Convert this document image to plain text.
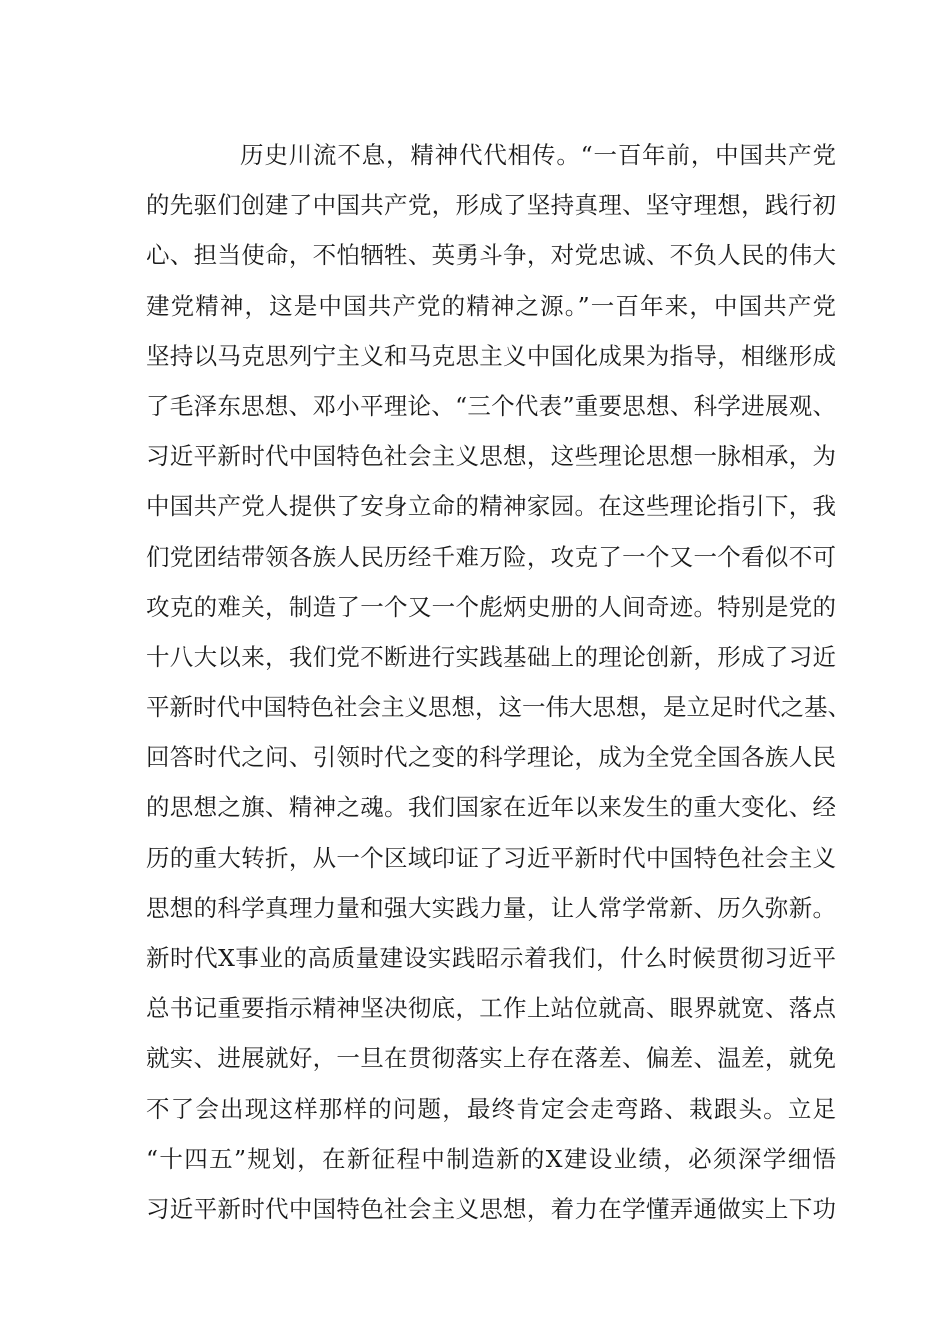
历史川流不息，精神代代相传。“一百年前，中国共产党
的先驱们创建了中国共产党，形成了坚持真理、坚守理想，践行初
心、担当使命，不怕牺牲、英勇斗争，对党忠诚、不负人民的伟大
建党精神，这是中国共产党的精神之源。”一百年来，中国共产党
坚持以马克思列宁主义和马克思主义中国化成果为指导，相继形成
了毛泽东思想、邓小平理论、“三个代表”重要思想、科学进展观、
习近平新时代中国特色社会主义思想，这些理论思想一脉相承，为
中国共产党人提供了安身立命的精神家园。在这些理论指引下，我
们党团结带领各族人民历经千难万险，攻克了一个又一个看似不可
攻克的难关，制造了一个又一个彪炳史册的人间奇迹。特别是党的
十八大以来，我们党不断进行实践基础上的理论创新，形成了习近
平新时代中国特色社会主义思想，这一伟大思想，是立足时代之基、
回答时代之问、引领时代之变的科学理论，成为全党全国各族人民
的思想之旗、精神之魂。我们国家在近年以来发生的重大变化、经
历的重大转折，从一个区域印证了习近平新时代中国特色社会主义
思想的科学真理力量和强大实践力量，让人常学常新、历久弥新。
新时代X事业的高质量建设实践昭示着我们，什么时候贯彻习近平
总书记重要指示精神坚决彻底，工作上站位就高、眼界就宽、落点
就实、进展就好，一旦在贯彻落实上存在落差、偏差、温差，就免
不了会出现这样那样的问题，最终肯定会走弯路、栽跟头。立足
“十四五”规划，在新征程中制造新的X建设业绩，必须深学细悟
习近平新时代中国特色社会主义思想，着力在学懂弄通做实上下功
